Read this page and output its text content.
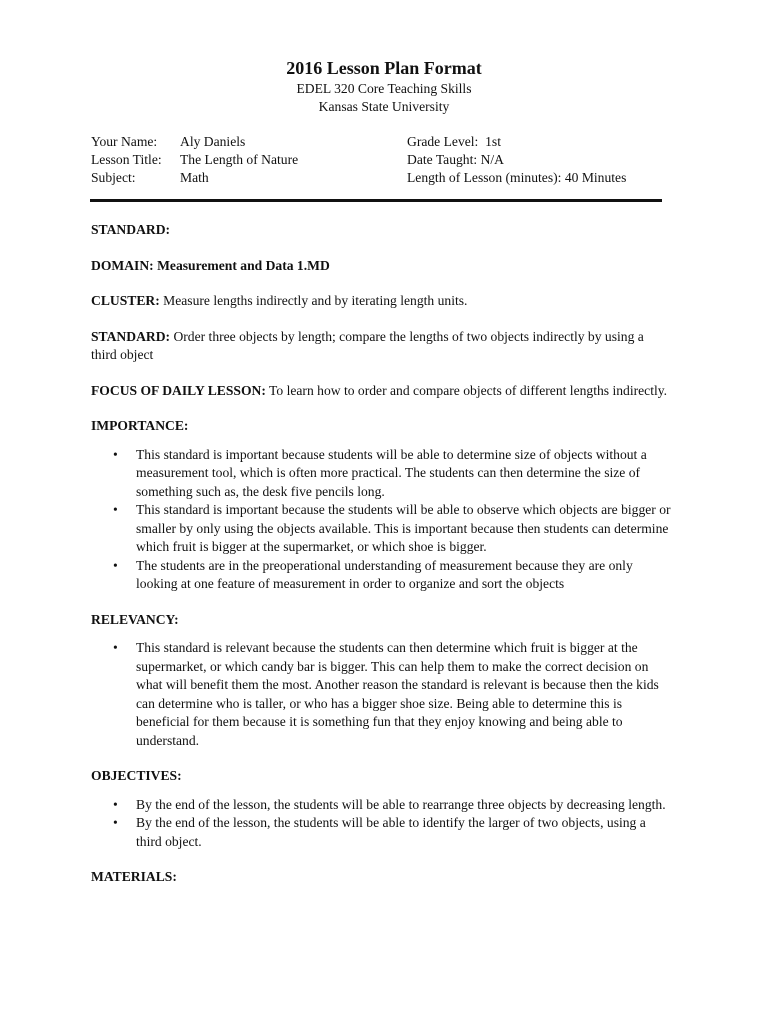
2016 Lesson Plan Format
EDEL 320 Core Teaching Skills
Kansas State University
Your Name: Aly Daniels
Lesson Title: The Length of Nature
Subject:	Math
Grade Level: 1st
Date Taught: N/A
Length of Lesson (minutes): 40 Minutes

STANDARD:

DOMAIN: Measurement and Data 1.MD

CLUSTER: Measure lengths indirectly and by iterating length units.

STANDARD: Order three objects by length; compare the lengths of two objects indirectly by using a third object

FOCUS OF DAILY LESSON: To learn how to order and compare objects of different lengths indirectly.

IMPORTANCE:

• This standard is important because students will be able to determine size of objects without a measurement tool, which is often more practical. The students can then determine the size of something such as, the desk five pencils long.
• This standard is important because the students will be able to observe which objects are bigger or smaller by only using the objects available. This is important because then students can determine which fruit is bigger at the supermarket, or which shoe is bigger.
• The students are in the preoperational understanding of measurement because they are only looking at one feature of measurement in order to organize and sort the objects

RELEVANCY:

• This standard is relevant because the students can then determine which fruit is bigger at the supermarket, or which candy bar is bigger. This can help them to make the correct decision on what will benefit them the most. Another reason the standard is relevant is because then the kids can determine who is taller, or who has a bigger shoe size. Being able to determine this is beneficial for them because it is something fun that they enjoy knowing and being able to understand.

OBJECTIVES:

• By the end of the lesson, the students will be able to rearrange three objects by decreasing length.
• By the end of the lesson, the students will be able to identify the larger of two objects, using a third object.

MATERIALS:
